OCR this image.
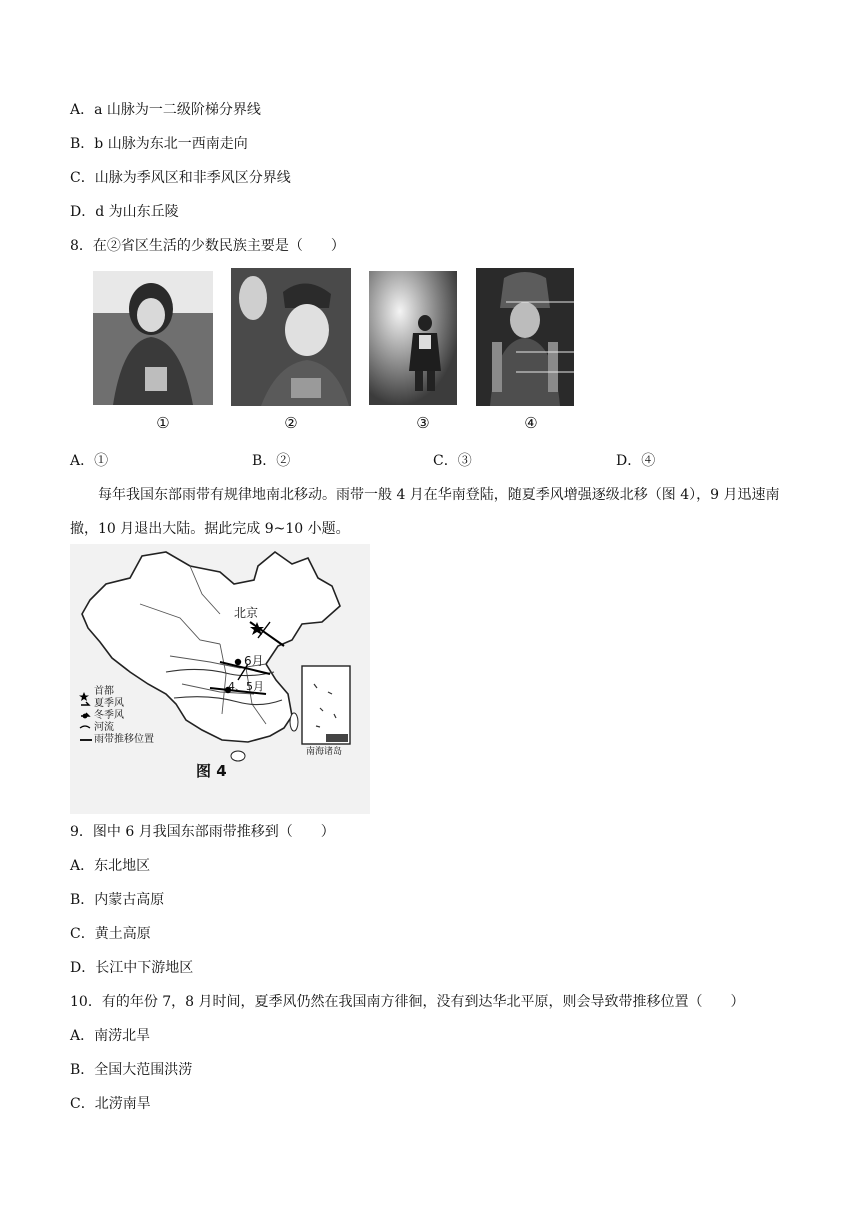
A．a 山脉为一二级阶梯分界线
B．b 山脉为东北一西南走向
C．山脉为季风区和非季风区分界线
D．d 为山东丘陵
8．在②省区生活的少数民族主要是（　　）
①	②	③	④
A．①	B．②	C．③	D．④
每年我国东部雨带有规律地南北移动。雨带一般 4 月在华南登陆，随夏季风增强逐级北移（图 4），9 月迅速南撤，10 月退出大陆。据此完成 9~10 小题。
北京
6月
4、5月
南海诸岛
首都
夏季风
冬季风
河流
雨带推移位置
图 4
9．图中 6 月我国东部雨带推移到（　　）
A．东北地区
B．内蒙古高原
C．黄土高原
D．长江中下游地区
10．有的年份 7，8 月时间，夏季风仍然在我国南方徘徊，没有到达华北平原，则会导致带推移位置（　　）
A．南涝北旱
B．全国大范围洪涝
C．北涝南旱
